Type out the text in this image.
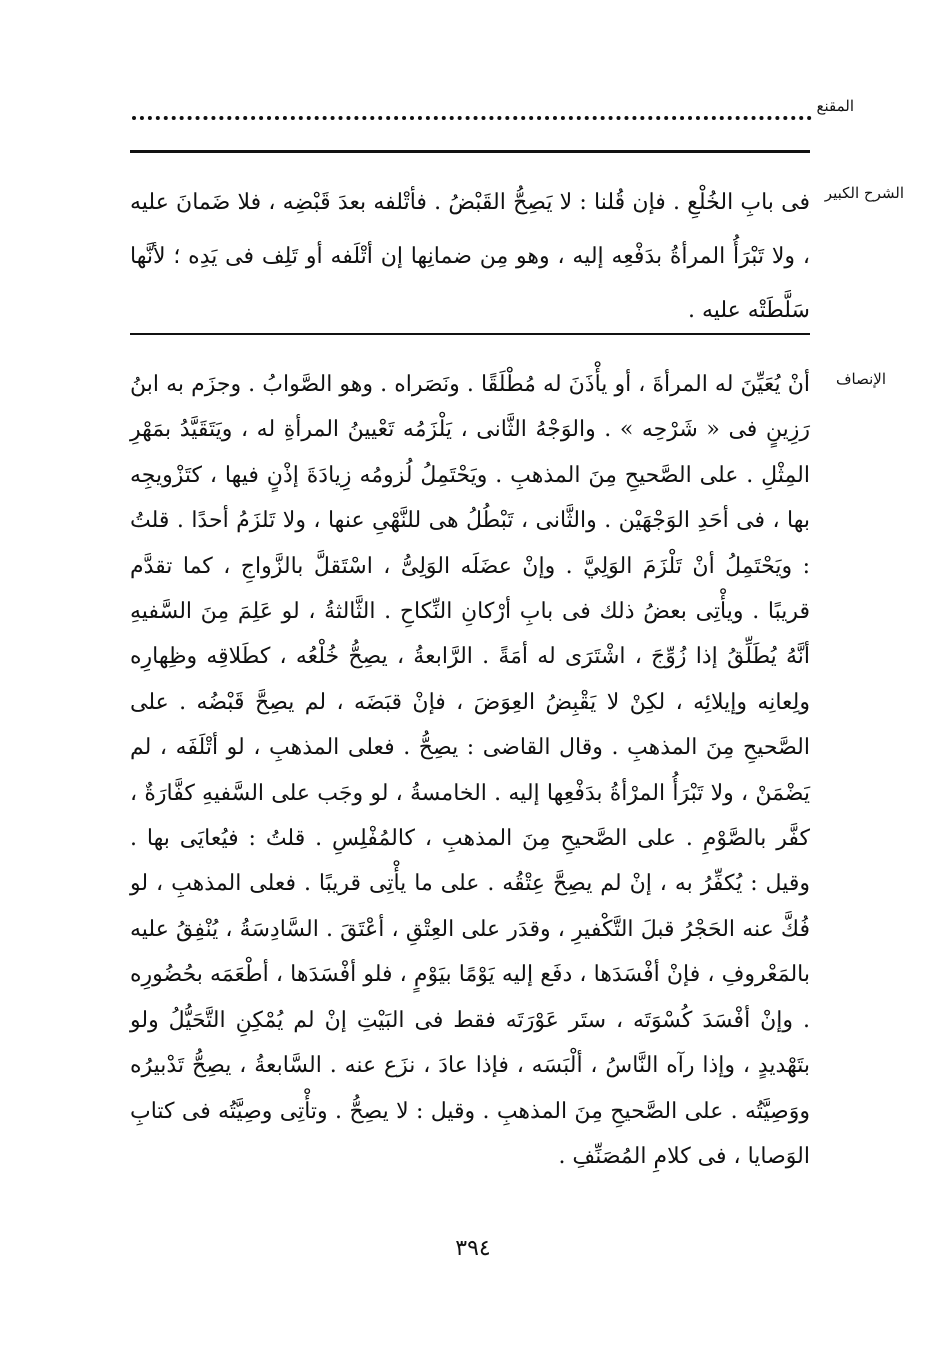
المقنع
الشرح الكبير

فى بابِ الخُلْعِ . فإن قُلنا : لا يَصِحُّ القَبْضُ . فأتْلفه بعدَ قَبْضِه ، فلا ضَمانَ عليه ، ولا تَبْرَأُ المرأةُ بدَفْعِه إليه ، وهو مِن ضمانِها إن أتْلَفه أو تَلِف فى يَدِه ؛ لأنَّها سَلَّطَتْه عليه .

الإنصاف

أنْ يُعَيِّنَ له المرأةَ ، أو يأْذَنَ له مُطْلَقًا . ونَصَراه . وهو الصَّوابُ . وجزَم به ابنُ رَزِينٍ فى « شَرْحِه » . والوَجْهُ الثَّانى ، يَلْزَمُه تَعْيينُ المرأةِ له ، ويَتَقَيَّدُ بمَهْرِ المِثْلِ . على الصَّحيحِ مِنَ المذهبِ . ويَحْتَمِلُ لُزومُه زِيادَةَ إذْنٍ فيها ، كتَزْويجِه بها ، فى أحَدِ الوَجْهَيْن . والثَّانى ، تَبْطُلُ هى للنَّهْىِ عنها ، ولا تَلزَمُ أحدًا . قلتُ : ويَحْتَمِلُ أنْ تَلْزَمَ الوَلِيَّ . وإنْ عضَلَه الوَلِىُّ ، اسْتَقلَّ بالزَّواجِ ، كما تقدَّم قريبًا . ويأْتِى بعضُ ذلك فى بابِ أرْكانِ النِّكاحِ . الثَّالثةُ ، لو عَلِمَ مِنَ السَّفيهِ أنَّهُ يُطَلِّقُ إذا زُوِّجَ ، اشْتَرَى له أمَةً . الرَّابعةُ ، يصِحُّ خُلْعُه ، كطَلاقِه وظِهارِه ولِعانِه وإيلائِه ، لكِنْ لا يَقْبِضُ العِوَضَ ، فإنْ قبَضَه ، لم يصِحَّ قَبْضُه . على الصَّحيحِ مِنَ المذهبِ . وقال القاضى : يصِحُّ . فعلى المذهبِ ، لو أتْلَفَه ، لم يَضْمَنْ ، ولا تَبْرَأُ المرْأةُ بدَفْعِها إليه . الخامسةُ ، لو وجَب على السَّفيهِ كفَّارَةٌ ، كفَّر بالصَّوْمِ . على الصَّحيحِ مِنَ المذهبِ ، كالمُفْلِسِ . قلتُ : فيُعايَى بها . وقيل : يُكفِّرُ به ، إنْ لم يصِحَّ عِتْقُه . على ما يأْتِى قريبًا . فعلى المذهبِ ، لو فُكَّ عنه الحَجْرُ قبلَ التَّكْفيرِ ، وقدَر على العِتْقِ ، أعْتَقَ . السَّادِسَةُ ، يُنْفِقُ عليه بالمَعْروفِ ، فإنْ أفْسَدَها ، دفَع إليه يَوْمًا بيَوْمٍ ، فلو أفْسَدَها ، أطْعَمَه بحُضُورِه . وإنْ أفْسَدَ كُسْوَتَه ، ستَر عَوْرَتَه فقط فى البَيْتِ إنْ لم يُمْكِنِ التَّحَيُّلُ ولو بتَهْديدٍ ، وإذا رآه النَّاسُ ، ألْبَسَه ، فإذا عادَ ، نزَع عنه . السَّابعةُ ، يصِحُّ تَدْبيرُه ووَصِيَّتُه . على الصَّحيحِ مِنَ المذهبِ . وقيل : لا يصِحُّ . وتأْتِى وصِيَّتُه فى كتابِ الوَصايا ، فى كلامِ المُصَنِّفِ .

٣٩٤
